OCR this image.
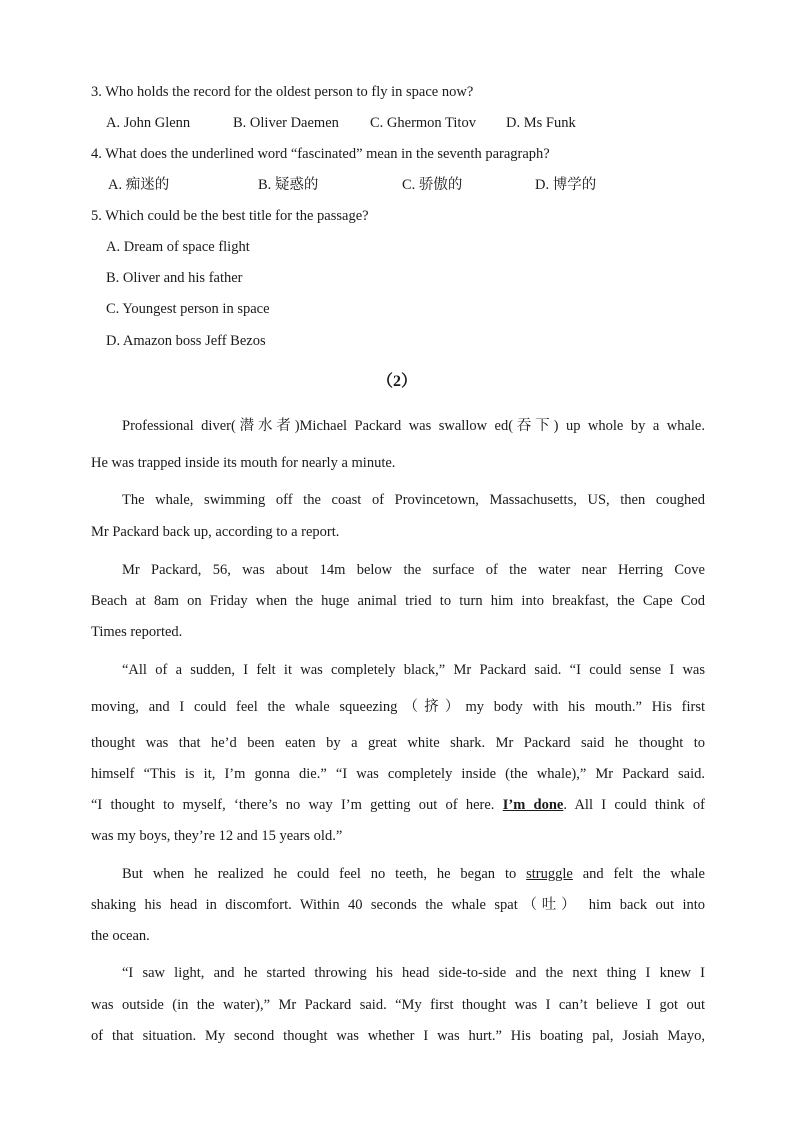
3. Who holds the record for the oldest person to fly in space now?
A. John Glenn	B. Oliver Daemen C. Ghermon Titov D. Ms Funk
4. What does the underlined word “fascinated” mean in the seventh paragraph?
A. 痴迷的	B. 疑惑的	C. 骄傲的	D. 博学的
5. Which could be the best title for the passage?
A. Dream of space flight
B. Oliver and his father
C. Youngest person in space
D. Amazon boss Jeff Bezos
（2）
Professional diver(潜水者)Michael Packard was swallow ed(吞下) up whole by a whale.
He was trapped inside its mouth for nearly a minute.
The whale, swimming off the coast of Provincetown, Massachusetts, US, then coughed
Mr Packard back up, according to a report.
Mr Packard, 56, was about 14m below the surface of the water near Herring Cove
Beach at 8am on Friday when the huge animal tried to turn him into breakfast, the Cape Cod
Times reported.
“All of a sudden, I felt it was completely black,” Mr Packard said. “I could sense I was
moving, and I could feel the whale squeezing（挤）my body with his mouth.” His first
thought was that he’d been eaten by a great white shark. Mr Packard said he thought to
himself “This is it, I’m gonna die.” “I was completely inside (the whale),” Mr Packard said.
“I thought to myself, ‘there’s no way I’m getting out of here. I’m done. All I could think of
was my boys, they’re 12 and 15 years old.”
But when he realized he could feel no teeth, he began to struggle and felt the whale
shaking his head in discomfort. Within 40 seconds the whale spat（吐） him back out into
the ocean.
“I saw light, and he started throwing his head side-to-side and the next thing I knew I
was outside (in the water),” Mr Packard said. “My first thought was I can’t believe I got out
of that situation. My second thought was whether I was hurt.” His boating pal, Josiah Mayo,
